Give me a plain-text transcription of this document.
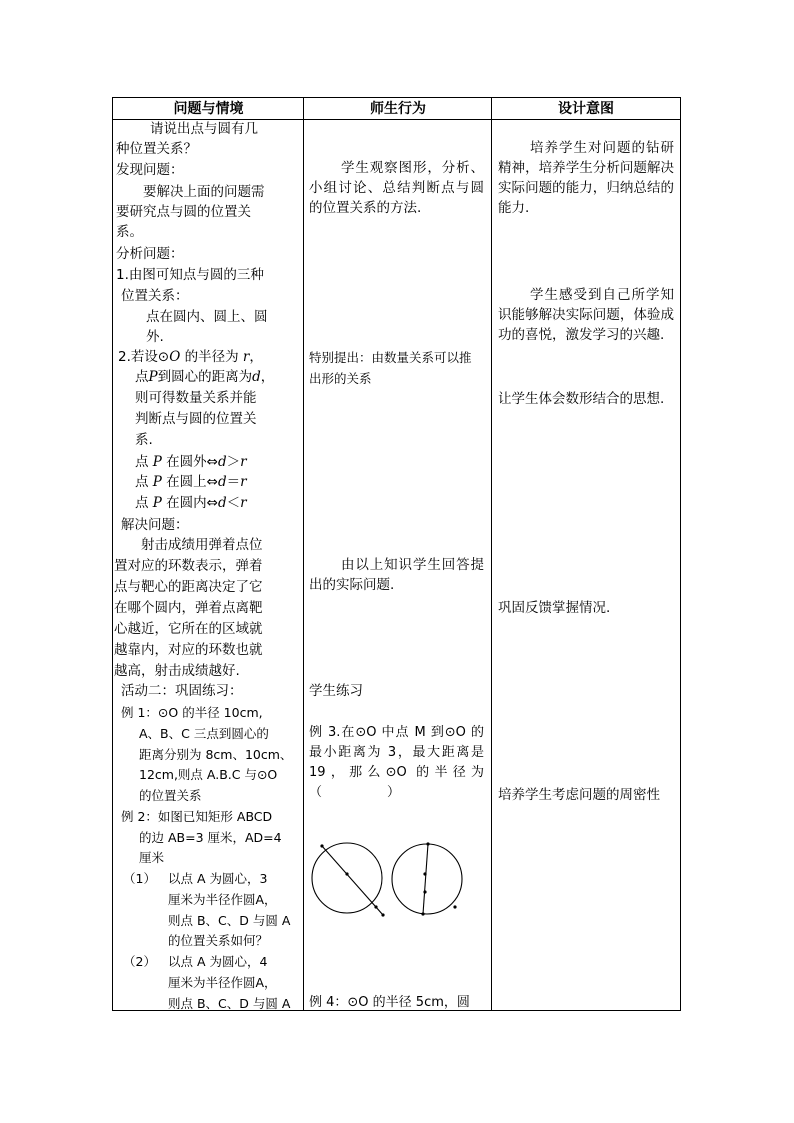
问题与情境	师生行为	设计意图
请说出点与圆有几
种位置关系？
发现问题：
要解决上面的问题需
要研究点与圆的位置关
系。
分析问题：
1.由图可知点与圆的三种
位置关系：
点在圆内、圆上、圆
外.
2.若设⊙O 的半径为 r，
点P到圆心的距离为d，
则可得数量关系并能
判断点与圆的位置关
系.
点 P 在圆外⇔d＞r
点 P 在圆上⇔d＝r
点 P 在圆内⇔d＜r
解决问题：
射击成绩用弹着点位
置对应的环数表示，弹着
点与靶心的距离决定了它
在哪个圆内，弹着点离靶
心越近，它所在的区域就
越靠内，对应的环数也就
越高，射击成绩越好.
活动二：巩固练习：
例 1：⊙O 的半径 10cm,
A、B、C 三点到圆心的
距离分别为 8cm、10cm、
12cm,则点 A.B.C 与⊙O
的位置关系
例 2：如图已知矩形 ABCD
的边 AB=3 厘米，AD=4
厘米
（1） 以点 A 为圆心，3
厘米为半径作圆A，
则点 B、C、D 与圆 A
的位置关系如何？
（2） 以点 A 为圆心，4
厘米为半径作圆A，
则点 B、C、D 与圆 A
学生观察图形，分析、小组讨论、总结判断点与圆的位置关系的方法.
特别提出：由数量关系可以推
出形的关系
由以上知识学生回答提出的实际问题.
学生练习
例 3.在⊙O 中点 M 到⊙O 的最小距离为 3，最大距离是 19，那么⊙O 的半径为（　　　　　）
例 4：⊙O 的半径 5cm，圆
培养学生对问题的钻研精神，培养学生分析问题解决实际问题的能力，归纳总结的能力.
学生感受到自己所学知识能够解决实际问题，体验成功的喜悦，激发学习的兴趣.
让学生体会数形结合的思想.
巩固反馈掌握情况.
培养学生考虑问题的周密性
